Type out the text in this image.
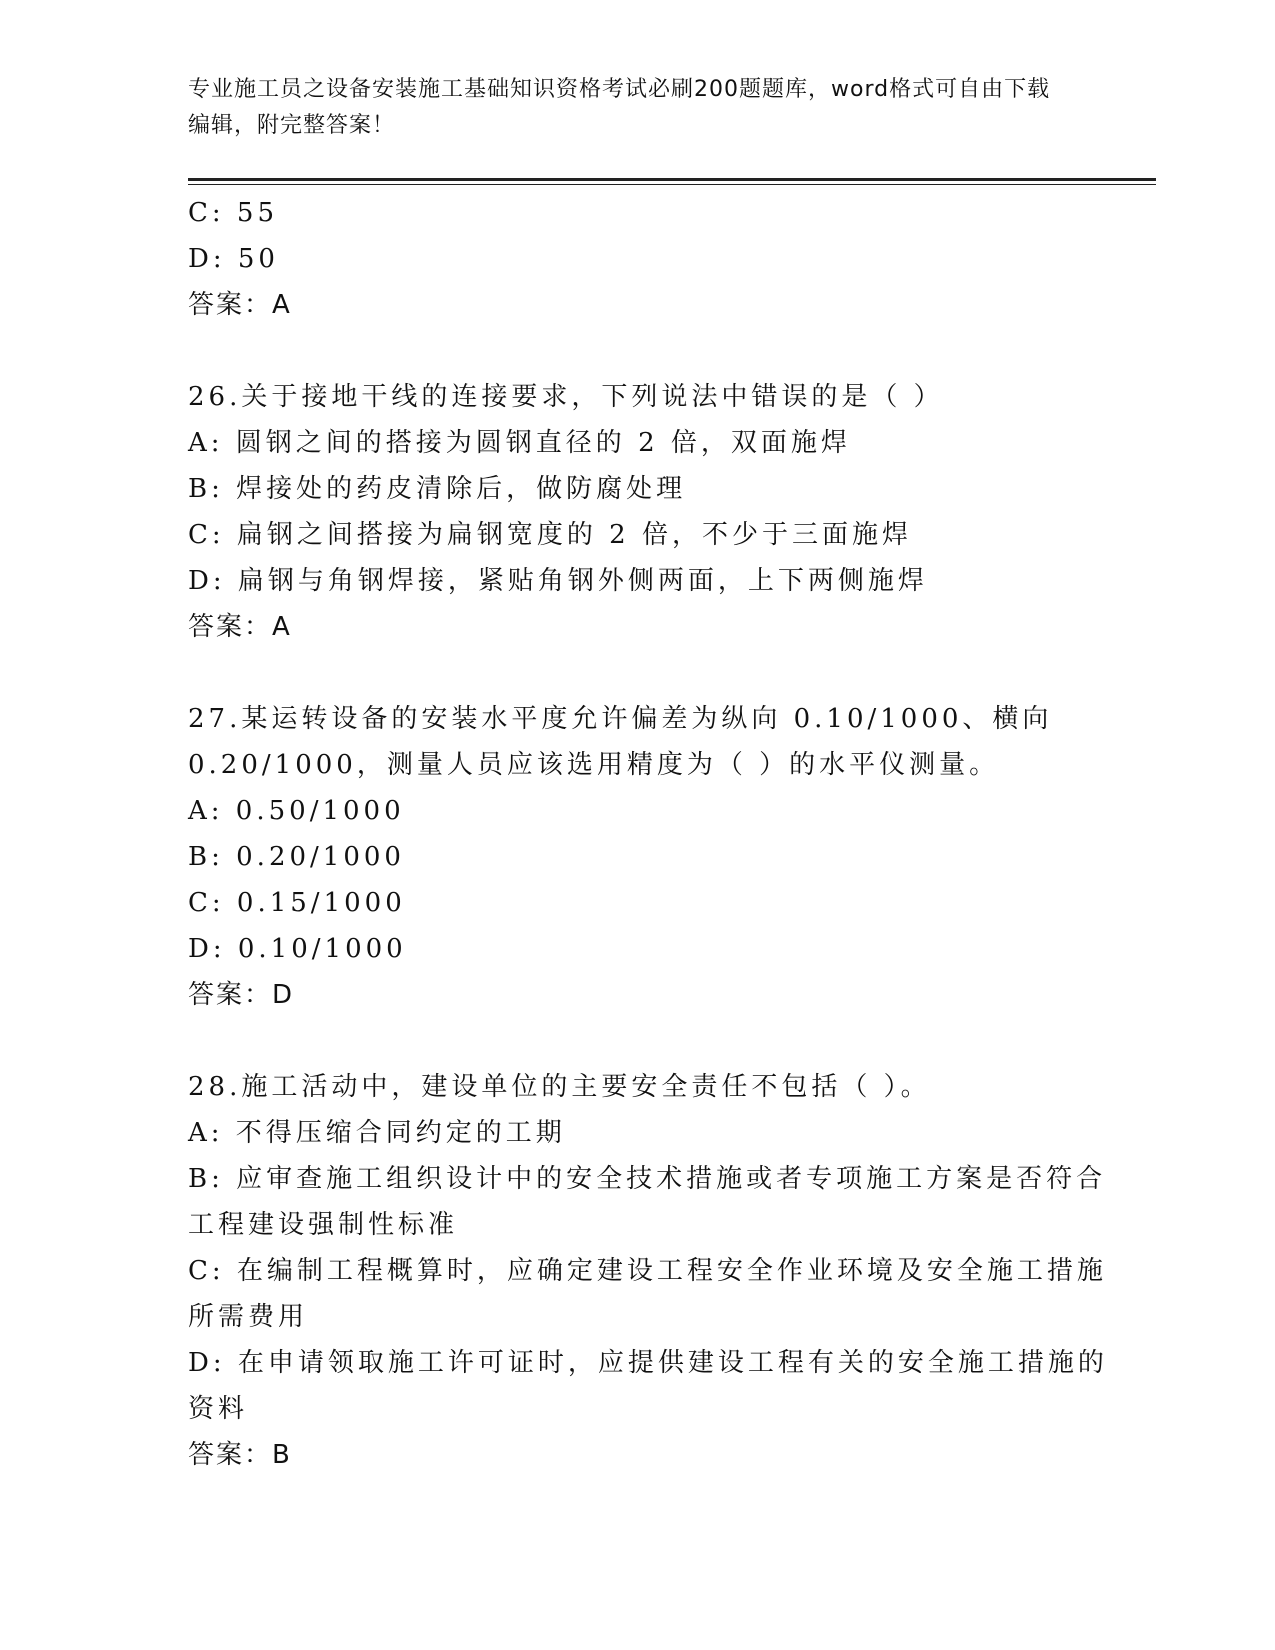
专业施工员之设备安装施工基础知识资格考试必刷200题题库，word格式可自由下载编辑，附完整答案！
C: 55
D: 50
答案：A
26.关于接地干线的连接要求，下列说法中错误的是（ ）
A: 圆钢之间的搭接为圆钢直径的 2 倍，双面施焊
B: 焊接处的药皮清除后，做防腐处理
C: 扁钢之间搭接为扁钢宽度的 2 倍，不少于三面施焊
D: 扁钢与角钢焊接，紧贴角钢外侧两面，上下两侧施焊
答案：A
27.某运转设备的安装水平度允许偏差为纵向 0.10/1000、横向
0.20/1000，测量人员应该选用精度为（ ）的水平仪测量。
A: 0.50/1000
B: 0.20/1000
C: 0.15/1000
D: 0.10/1000
答案：D
28.施工活动中，建设单位的主要安全责任不包括（ ）。
A: 不得压缩合同约定的工期
B: 应审查施工组织设计中的安全技术措施或者专项施工方案是否符合
工程建设强制性标准
C: 在编制工程概算时，应确定建设工程安全作业环境及安全施工措施
所需费用
D: 在申请领取施工许可证时，应提供建设工程有关的安全施工措施的
资料
答案：B
